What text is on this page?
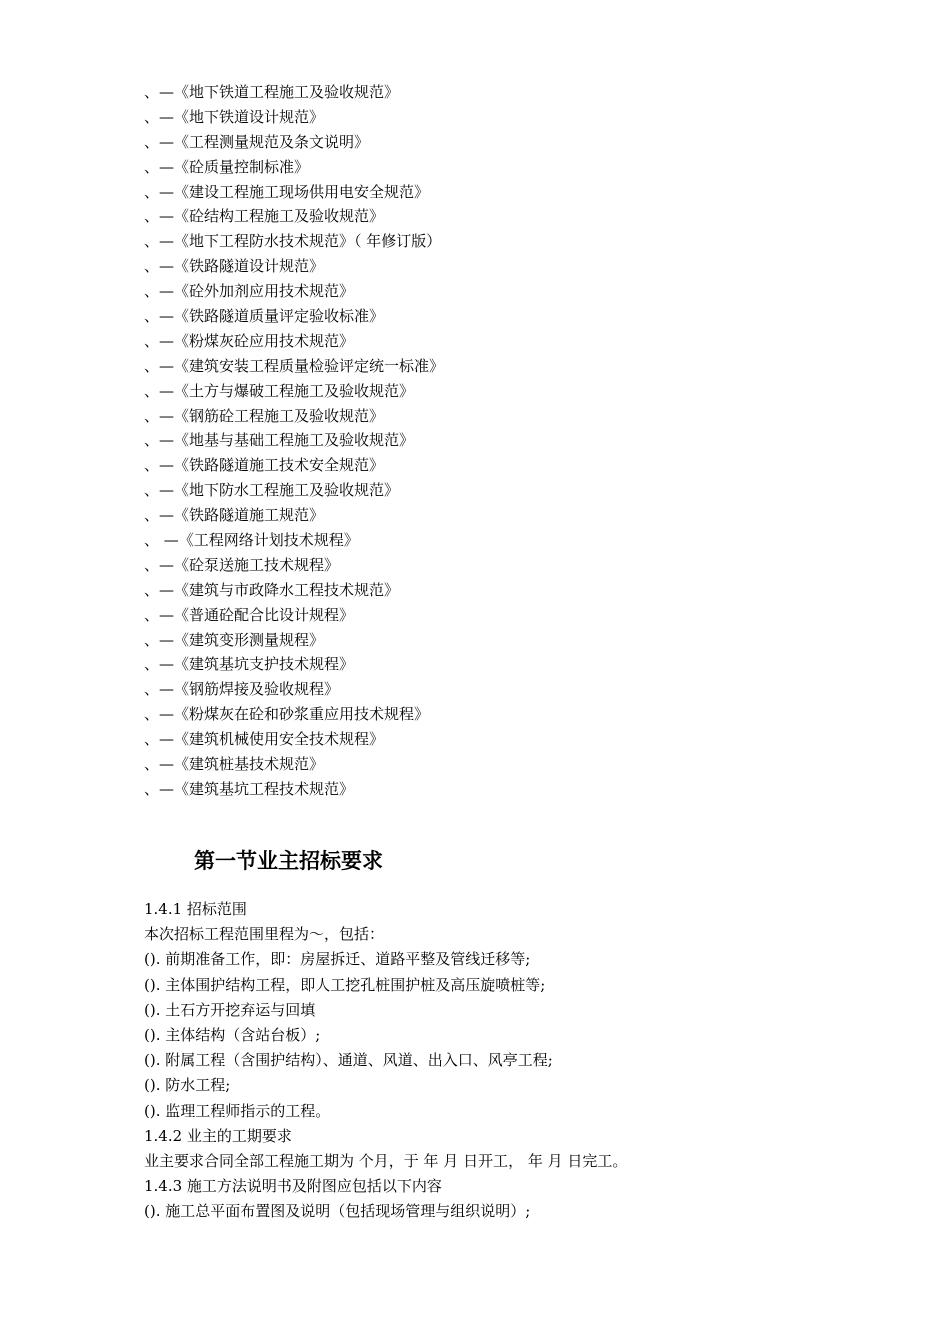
、—《地下铁道工程施工及验收规范》
、—《地下铁道设计规范》
、—《工程测量规范及条文说明》
、—《砼质量控制标准》
、—《建设工程施工现场供用电安全规范》
、—《砼结构工程施工及验收规范》
、—《地下工程防水技术规范》（ 年修订版）
、—《铁路隧道设计规范》
、—《砼外加剂应用技术规范》
、—《铁路隧道质量评定验收标准》
、—《粉煤灰砼应用技术规范》
、—《建筑安装工程质量检验评定统一标准》
、—《土方与爆破工程施工及验收规范》
、—《钢筋砼工程施工及验收规范》
、—《地基与基础工程施工及验收规范》
、—《铁路隧道施工技术安全规范》
、—《地下防水工程施工及验收规范》
、—《铁路隧道施工规范》
、 —《工程网络计划技术规程》
、—《砼泵送施工技术规程》
、—《建筑与市政降水工程技术规范》
、—《普通砼配合比设计规程》
、—《建筑变形测量规程》
、—《建筑基坑支护技术规程》
、—《钢筋焊接及验收规程》
、—《粉煤灰在砼和砂浆重应用技术规程》
、—《建筑机械使用安全技术规程》
、—《建筑桩基技术规范》
、—《建筑基坑工程技术规范》
第一节业主招标要求
1.4.1 招标范围
本次招标工程范围里程为～，包括：
(). 前期准备工作，即：房屋拆迁、道路平整及管线迁移等;
(). 主体围护结构工程，即人工挖孔桩围护桩及高压旋喷桩等;
(). 土石方开挖弃运与回填
(). 主体结构（含站台板）;
(). 附属工程（含围护结构）、通道、风道、出入口、风亭工程;
(). 防水工程;
(). 监理工程师指示的工程。
1.4.2 业主的工期要求
业主要求合同全部工程施工期为 个月，于 年 月 日开工， 年 月 日完工。
1.4.3 施工方法说明书及附图应包括以下内容
(). 施工总平面布置图及说明（包括现场管理与组织说明）;
